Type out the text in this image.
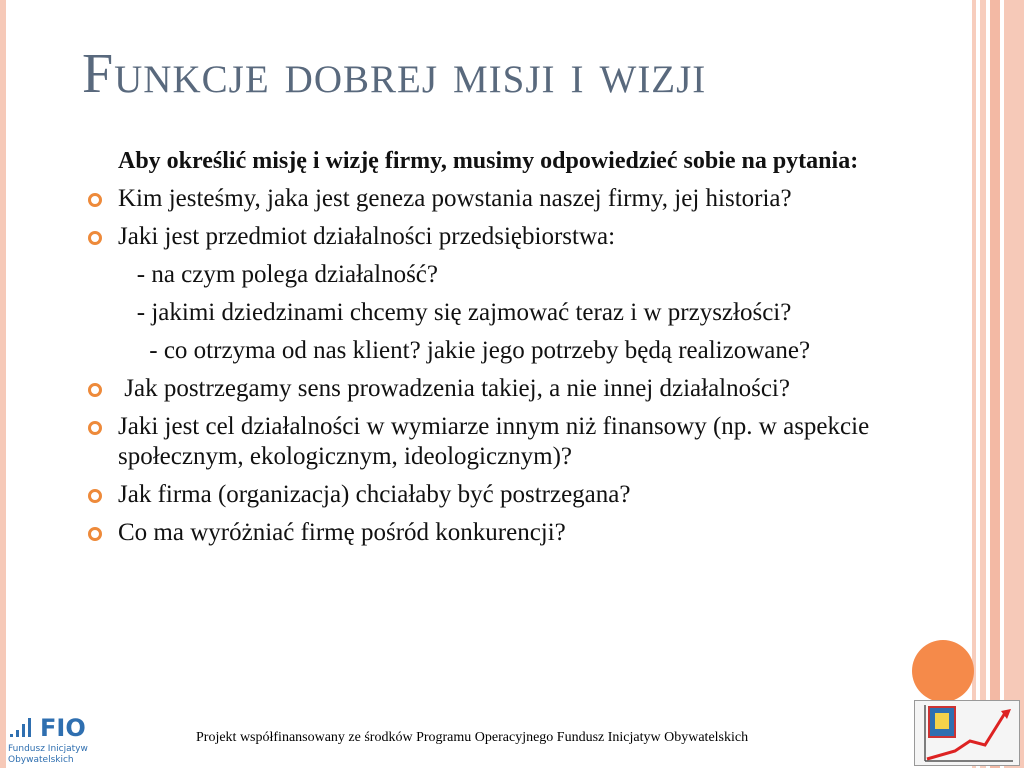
Funkcje dobrej misji i wizji

Aby określić misję i wizję firmy, musimy odpowiedzieć sobie na pytania:

Kim jesteśmy, jaka jest geneza powstania naszej firmy, jej historia?

Jaki jest przedmiot działalności przedsiębiorstwa:

- na czym polega działalność?

- jakimi dziedzinami chcemy się zajmować teraz i w przyszłości?

- co otrzyma od nas klient? jakie jego potrzeby będą realizowane?

Jak postrzegamy sens prowadzenia takiej, a nie innej działalności?

Jaki jest cel działalności w wymiarze innym niż finansowy (np. w aspekcie społecznym, ekologicznym, ideologicznym)?

Jak firma (organizacja) chciałaby być postrzegana?

Co ma wyróżniać firmę pośród konkurencji?

FIO
Fundusz Inicjatyw
Obywatelskich
Projekt współfinansowany ze środków Programu Operacyjnego Fundusz Inicjatyw Obywatelskich
